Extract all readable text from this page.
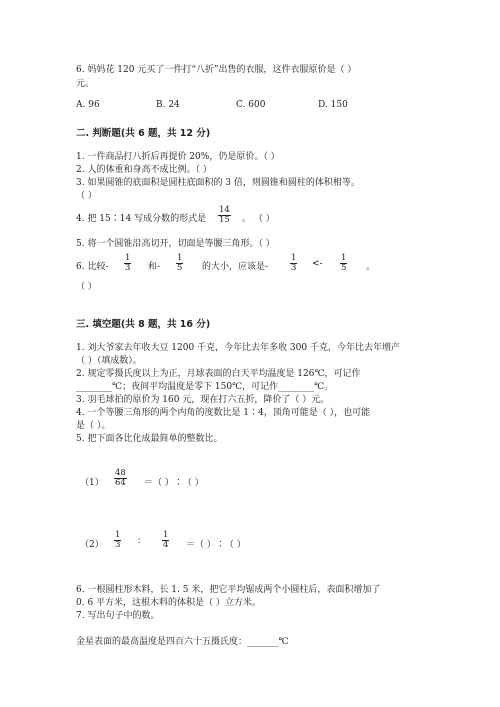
6. 妈妈花 120 元买了一件打“八折”出售的衣服，这件衣服原价是（ ）
元。
A. 96	B. 24	C. 600	D. 150
二. 判断题(共 6 题，共 12 分)
1. 一件商品打八折后再提价 20%，仍是原价。（ ）
2. 人的体重和身高不成比例。（ ）
3. 如果圆锥的底面积是圆柱底面积的 3 倍，则圆锥和圆柱的体积相等。
（ ）
4. 把 15∶14 写成分数的形式是 $\frac{14}{15}$ 。 （ ）
5. 将一个圆锥沿高切开，切面是等腰三角形。（ ）
6. 比较- $\frac{1}{3}$ 和- $\frac{1}{5}$ 的大小，应该是-	$\frac{1}{3} <- \frac{1}{5}$ 。
（ ）
三. 填空题(共 8 题，共 16 分)
1. 刘大爷家去年收大豆 1200 千克，今年比去年多收 300 千克，今年比去年增产
（ ）（填成数）。
2. 规定零摄氏度以上为正，月球表面的白天平均温度是 126℃，可记作
________℃；夜间平均温度是零下 150℃，可记作________℃。
3. 羽毛球拍的原价为 160 元，现在打六五折，降价了（ ）元。
4. 一个等腰三角形的两个内角的度数比是 1∶4，顶角可能是（ ），也可能
是（ ）。
5. 把下面各比化成最简单的整数比。
$(1) \frac{48}{64}$ ＝（ ）∶（ ）
$(2) \frac{1}{3}$ ∶	$\frac{1}{4}$ ＝（ ）∶（ ）
6. 一根圆柱形木料，长 1. 5 米，把它平均锯成两个小圆柱后，表面积增加了
0. 6 平方米，这根木料的体积是（ ）立方米。
7. 写出句子中的数。
金星表面的最高温度是四百六十五摄氏度：_______℃
